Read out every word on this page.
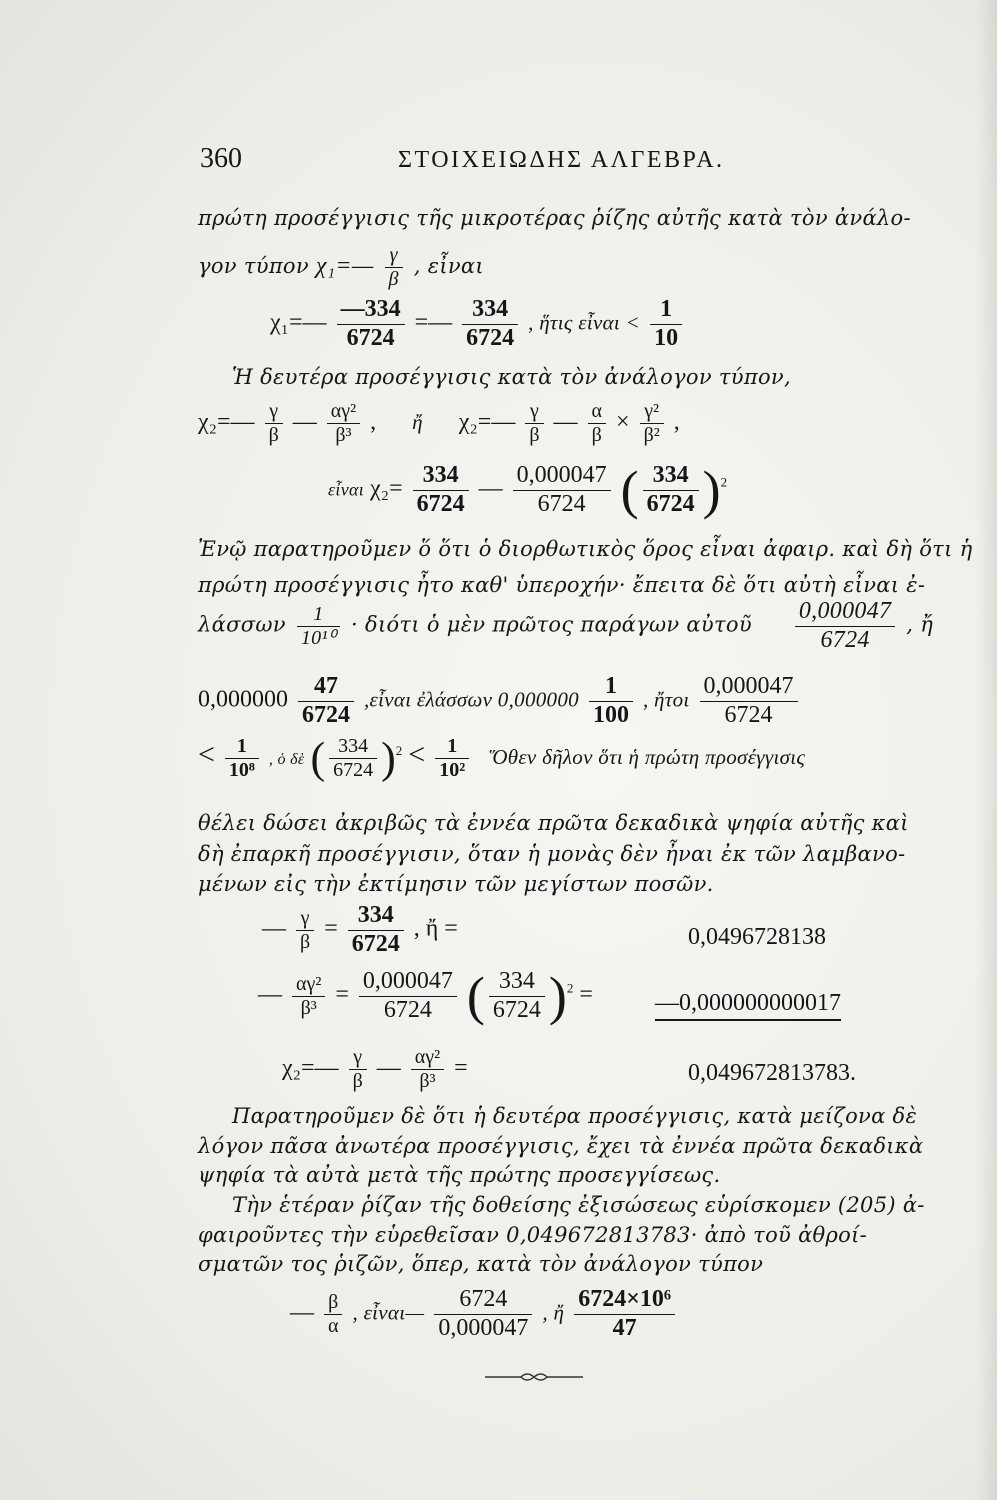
360	ΣΤΟΙΧΕΙΩΔΗΣ ΑΛΓΕΒΡΑ.
πρώτη προσέγγισις τῆς μικροτέρας ῥίζης αὐτῆς κατὰ τὸν ἀνάλο-
γον τύπον χ₁=— $\frac{\gamma}{\beta}$ , εἶναι
χ₁=— $\frac{—334}{6724}$ =— $\frac{334}{6724}$ , ἥτις εἶναι < $\frac{1}{10}$
Ἡ δευτέρα προσέγγισις κατὰ τὸν ἀνάλογον τύπον,
χ₂=— $\frac{\gamma}{\beta}$ — $\frac{\text{αγ²}}{\text{β³}}$ , ἤ χ₂=— $\frac{\gamma}{\beta}$ — $\frac{\alpha}{\beta} \times \frac{\text{γ²}}{\text{β²}}$ ,
εἶναι $\chi_2= \frac{334}{6724}$ — $\frac{0,000047}{6724}$ ( $\frac{334}{6724} )^2$
Ἐνῷ παρατηροῦμεν ὅ ὅτι ὁ διορθωτικὸς ὅρος εἶναι ἀφαιρ. καὶ δὴ ὅτι ἡ
πρώτη προσέγγισις ἦτο καθ' ὑπεροχήν· ἔπειτα δὲ ὅτι αὐτὴ εἶναι ἐ-
λάσσων $\frac{1}{\text{10¹⁰}} \cdot \delta\iota ό\tau\iota$ ὁ μὲν πρῶτος παράγων αὐτοῦ $\frac{0,000047}{6724}$ , ἤ
$0,000000 \frac{47}{6724}$ ,εἶναι ἐλάσσων $0,000000 \frac{1}{100}$ , ἤτοι $\frac{0,000047}{6724}$
< $\frac{1}{\text{10⁸}}$ , ὁ δὲ ( $\frac{334}{6724} )^2 < \frac{1}{\text{10²}}$ Ὅθεν δῆλον ὅτι ἡ πρώτη προσέγγισις
θέλει δώσει ἀκριβῶς τὰ ἐννέα πρῶτα δεκαδικὰ ψηφία αὐτῆς καὶ
δὴ ἐπαρκῆ προσέγγισιν, ὅταν ἡ μονὰς δὲν ἦναι ἐκ τῶν λαμβανο-
μένων εἰς τὴν ἐκτίμησιν τῶν μεγίστων ποσῶν.
— $\frac{\gamma}{\beta} = \frac{334}{6724}$ , ἤ =	0,0496728138
— $\frac{\text{αγ²}}{\text{β³}} = \frac{0,000047}{6724}$ ( $\frac{334}{6724} )^2$ =	—0,000000000017
χ₂=— $\frac{\gamma}{\beta}$ — $\frac{\text{αγ²}}{\text{β³}}$ =	0,049672813783.
Παρατηροῦμεν δὲ ὅτι ἡ δευτέρα προσέγγισις, κατὰ μείζονα δὲ
λόγον πᾶσα ἀνωτέρα προσέγγισις, ἔχει τὰ ἐννέα πρῶτα δεκαδικὰ
ψηφία τὰ αὐτὰ μετὰ τῆς πρώτης προσεγγίσεως.
Τὴν ἑτέραν ῥίζαν τῆς δοθείσης ἐξισώσεως εὑρίσκομεν (205) ἀ-
φαιροῦντες τὴν εὑρεθεῖσαν 0,049672813783· ἀπὸ τοῦ ἀθροί-
σματῶν τος ῥιζῶν, ὅπερ, κατὰ τὸν ἀνάλογον τύπον
— $\frac{\beta}{\alpha}$ , εἶναι— $\frac{6724}{0,000047}$ , ἤ $\frac{\text{6724×10⁶}}{47}$
